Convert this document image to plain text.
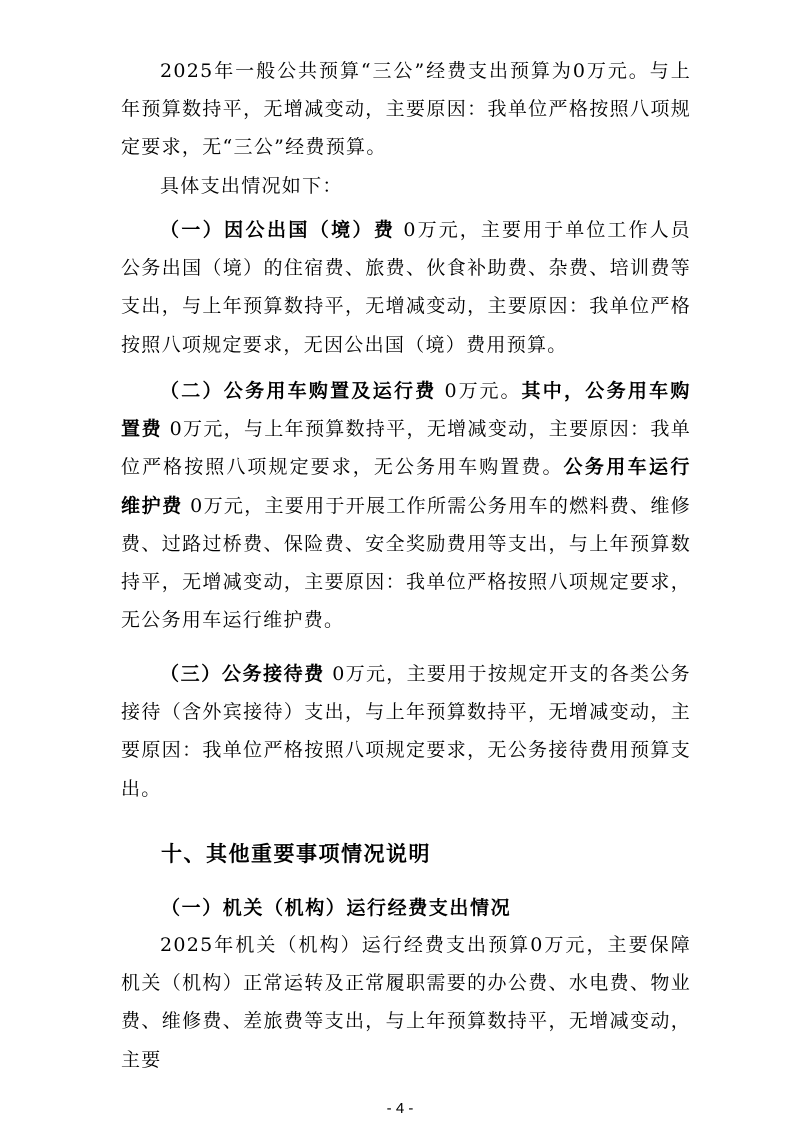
2025年一般公共预算“三公”经费支出预算为0万元。与上年预算数持平，无增减变动，主要原因：我单位严格按照八项规定要求，无“三公”经费预算。

具体支出情况如下：

（一）因公出国（境）费 0万元，主要用于单位工作人员公务出国（境）的住宿费、旅费、伙食补助费、杂费、培训费等支出，与上年预算数持平，无增减变动，主要原因：我单位严格按照八项规定要求，无因公出国（境）费用预算。

（二）公务用车购置及运行费 0万元。其中，公务用车购置费 0万元，与上年预算数持平，无增减变动，主要原因：我单位严格按照八项规定要求，无公务用车购置费。公务用车运行维护费 0万元，主要用于开展工作所需公务用车的燃料费、维修费、过路过桥费、保险费、安全奖励费用等支出，与上年预算数持平，无增减变动，主要原因：我单位严格按照八项规定要求，无公务用车运行维护费。

（三）公务接待费 0万元，主要用于按规定开支的各类公务接待（含外宾接待）支出，与上年预算数持平，无增减变动，主要原因：我单位严格按照八项规定要求，无公务接待费用预算支出。

十、其他重要事项情况说明
（一）机关（机构）运行经费支出情况

2025年机关（机构）运行经费支出预算0万元，主要保障机关（机构）正常运转及正常履职需要的办公费、水电费、物业费、维修费、差旅费等支出，与上年预算数持平，无增减变动，主要

- 4 -
